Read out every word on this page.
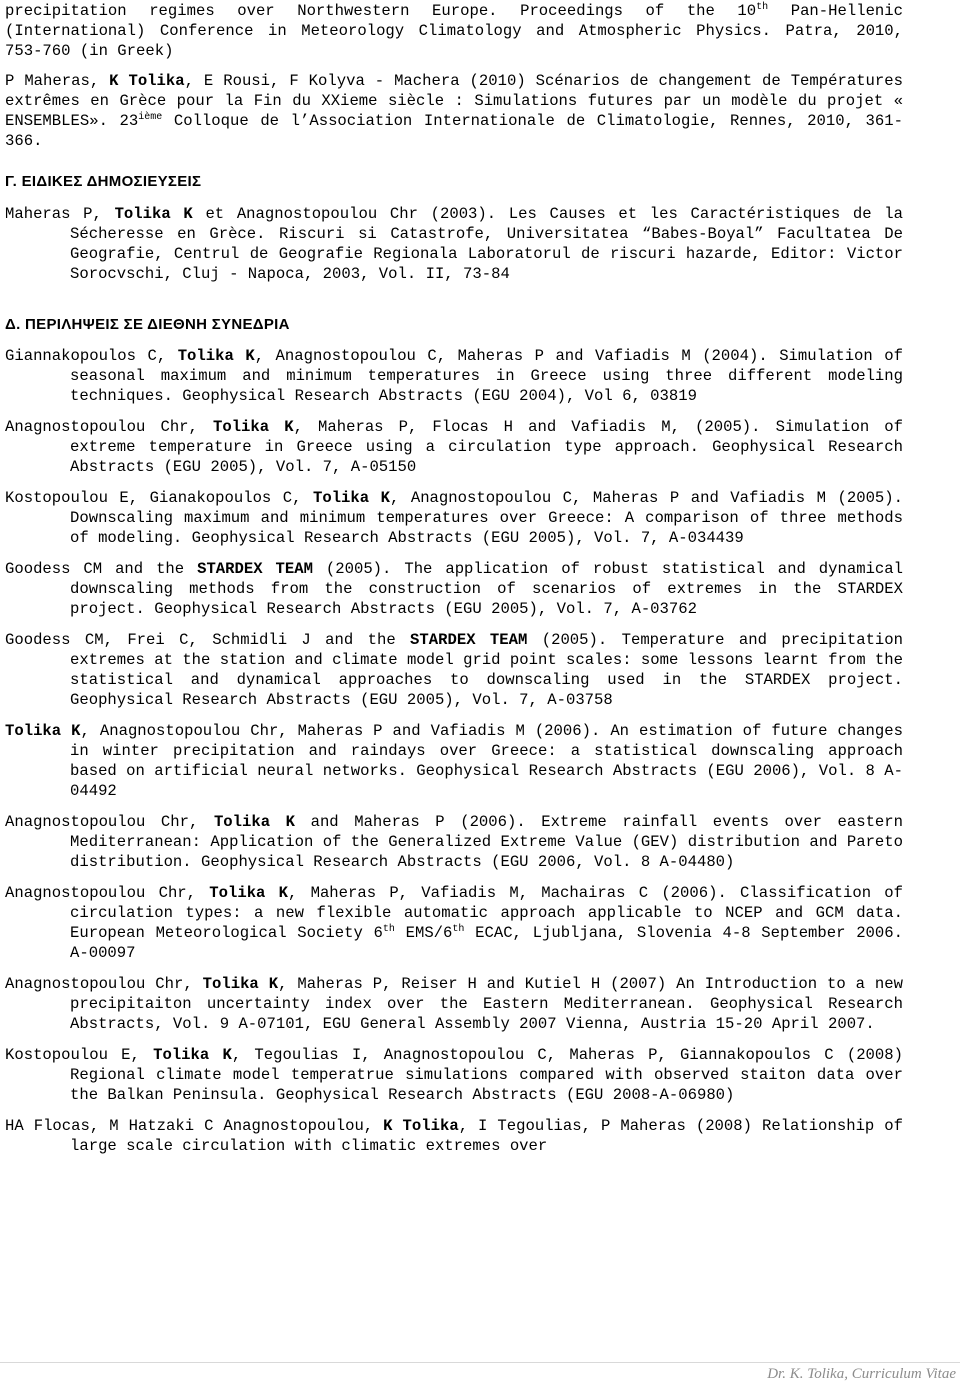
precipitation regimes over Northwestern Europe. Proceedings of the 10th Pan-Hellenic (International) Conference in Meteorology Climatology and Atmospheric Physics. Patra, 2010, 753-760 (in Greek)

P Maheras, K Tolika, E Rousi, F Kolyva - Machera (2010) Scénarios de changement de Températures extrêmes en Grèce pour la Fin du XXieme siècle : Simulations futures par un modèle du projet « ENSEMBLES». 23ième Colloque de l’Association Internationale de Climatologie, Rennes, 2010, 361- 366.

Γ. ΕΙΔΙΚΕΣ ΔΗΜΟΣΙΕΥΣΕΙΣ

Maheras P, Tolika K et Anagnostopoulou Chr (2003). Les Causes et les Caractéristiques de la Sécheresse en Grèce. Riscuri si Catastrofe, Universitatea “Babes-Boyal” Facultatea De Geografie, Centrul de Geografie Regionala Laboratorul de riscuri hazarde, Editor: Victor Sorocvschi, Cluj - Napoca, 2003, Vol. II, 73-84

Δ. ΠΕΡΙΛΗΨΕΙΣ ΣΕ ΔΙΕΘΝΗ ΣΥΝΕΔΡΙΑ

Giannakopoulos C, Tolika K, Anagnostopoulou C, Maheras P and Vafiadis M (2004). Simulation of seasonal maximum and minimum temperatures in Greece using three different modeling techniques. Geophysical Research Abstracts (EGU 2004), Vol 6, 03819

Anagnostopoulou Chr, Tolika K, Maheras P, Flocas H and Vafiadis M, (2005). Simulation of extreme temperature in Greece using a circulation type approach. Geophysical Research Abstracts (EGU 2005), Vol. 7, A-05150

Kostopoulou E, Gianakopoulos C, Tolika K, Anagnostopoulou C, Maheras P and Vafiadis M (2005). Downscaling maximum and minimum temperatures over Greece: A comparison of three methods of modeling. Geophysical Research Abstracts (EGU 2005), Vol. 7, A-034439

Goodess CM and the STARDEX TEAM (2005). The application of robust statistical and dynamical downscaling methods from the construction of scenarios of extremes in the STARDEX project. Geophysical Research Abstracts (EGU 2005), Vol. 7, A-03762

Goodess CM, Frei C, Schmidli J and the STARDEX TEAM (2005). Temperature and precipitation extremes at the station and climate model grid point scales: some lessons learnt from the statistical and dynamical approaches to downscaling used in the STARDEX project. Geophysical Research Abstracts (EGU 2005), Vol. 7, A-03758

Tolika K, Anagnostopoulou Chr, Maheras P and Vafiadis M (2006). An estimation of future changes in winter precipitation and raindays over Greece: a statistical downscaling approach based on artificial neural networks. Geophysical Research Abstracts (EGU 2006), Vol. 8 A-04492

Anagnostopoulou Chr, Tolika K and Maheras P (2006). Extreme rainfall events over eastern Mediterranean: Application of the Generalized Extreme Value (GEV) distribution and Pareto distribution. Geophysical Research Abstracts (EGU 2006, Vol. 8 A-04480)

Anagnostopoulou Chr, Tolika K, Maheras P, Vafiadis M, Machairas C (2006). Classification of circulation types: a new flexible automatic approach applicable to NCEP and GCM data. European Meteorological Society 6th EMS/6th ECAC, Ljubljana, Slovenia 4-8 September 2006. A-00097

Anagnostopoulou Chr, Tolika K, Maheras P, Reiser H and Kutiel H (2007) An Introduction to a new precipitaiton uncertainty index over the Eastern Mediterranean. Geophysical Research Abstracts, Vol. 9 A-07101, EGU General Assembly 2007 Vienna, Austria 15-20 April 2007.

Kostopoulou E, Tolika K, Tegoulias I, Anagnostopoulou C, Maheras P, Giannakopoulos C (2008) Regional climate model temperatrue simulations compared with observed staiton data over the Balkan Peninsula. Geophysical Research Abstracts (EGU 2008-A-06980)

HA Flocas, M Hatzaki C Anagnostopoulou, K Tolika, I Tegoulias, P Maheras (2008) Relationship of large scale circulation with climatic extremes over

Dr. K. Tolika, Curriculum Vitae
